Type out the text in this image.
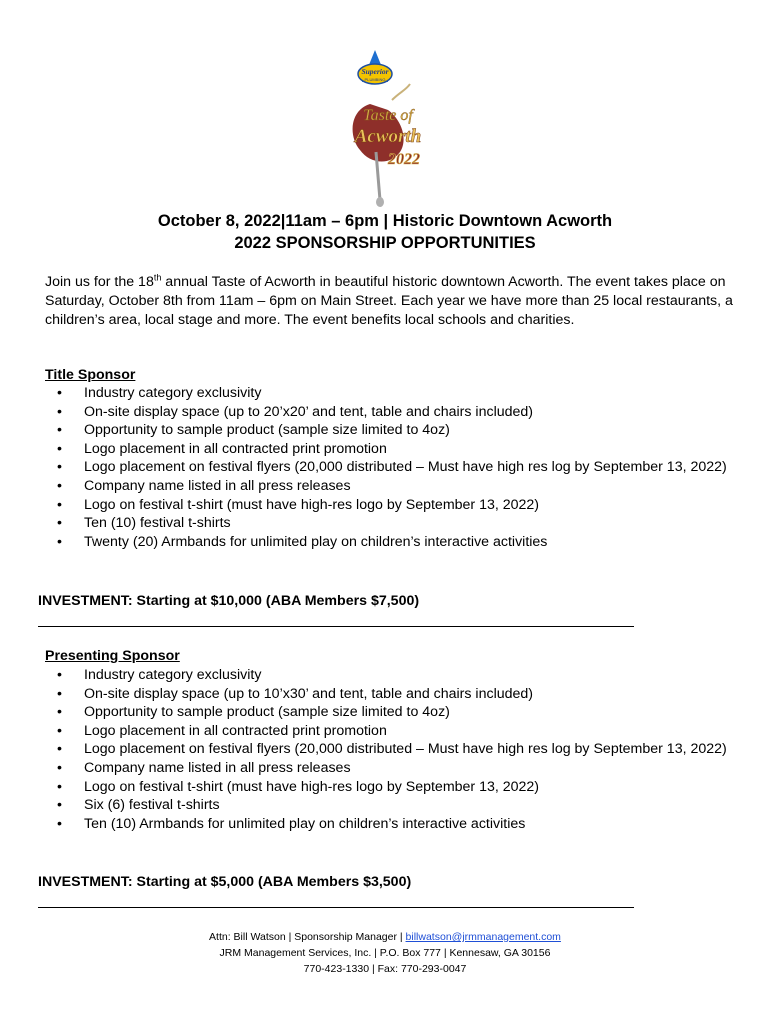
Superior
PLUMBING
Taste of
Acworth
2022
October 8, 2022|11am – 6pm | Historic Downtown Acworth
2022 SPONSORSHIP OPPORTUNITIES

Join us for the 18th annual Taste of Acworth in beautiful historic downtown Acworth. The event takes place on Saturday, October 8th from 11am – 6pm on Main Street. Each year we have more than 25 local restaurants, a children’s area, local stage and more. The event benefits local schools and charities.

Title Sponsor

• Industry category exclusivity
• On-site display space (up to 20’x20’ and tent, table and chairs included)
• Opportunity to sample product (sample size limited to 4oz)
• Logo placement in all contracted print promotion
• Logo placement on festival flyers (20,000 distributed – Must have high res log by September 13, 2022)
• Company name listed in all press releases
• Logo on festival t-shirt (must have high-res logo by September 13, 2022)
• Ten (10) festival t-shirts
• Twenty (20) Armbands for unlimited play on children’s interactive activities

INVESTMENT: Starting at $10,000 (ABA Members $7,500)

Presenting Sponsor

• Industry category exclusivity
• On-site display space (up to 10’x30’ and tent, table and chairs included)
• Opportunity to sample product (sample size limited to 4oz)
• Logo placement in all contracted print promotion
• Logo placement on festival flyers (20,000 distributed – Must have high res log by September 13, 2022)
• Company name listed in all press releases
• Logo on festival t-shirt (must have high-res logo by September 13, 2022)
• Six (6) festival t-shirts
• Ten (10) Armbands for unlimited play on children’s interactive activities

INVESTMENT: Starting at $5,000 (ABA Members $3,500)

Attn: Bill Watson | Sponsorship Manager | billwatson@jrmmanagement.com
JRM Management Services, Inc. | P.O. Box 777 | Kennesaw, GA 30156
770-423-1330 | Fax: 770-293-0047
